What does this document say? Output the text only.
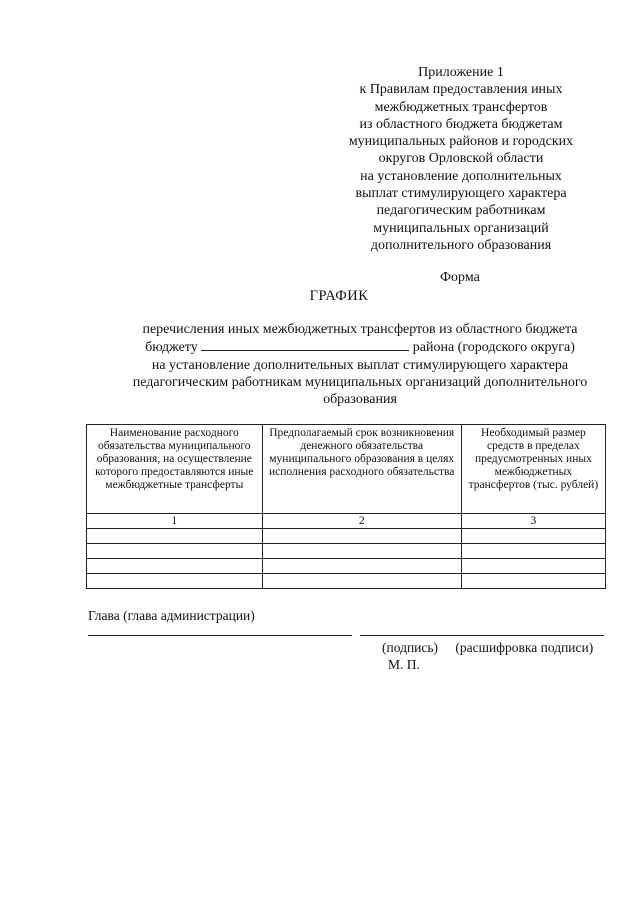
Приложение 1
к Правилам предоставления иных
межбюджетных трансфертов
из областного бюджета бюджетам
муниципальных районов и городских
округов Орловской области
на установление дополнительных
выплат стимулирующего характера
педагогическим работникам
муниципальных организаций
дополнительного образования
Форма
ГРАФИК
перечисления иных межбюджетных трансфертов из областного бюджета
бюджету	района (городского округа)
на установление дополнительных выплат стимулирующего характера
педагогическим работникам муниципальных организаций дополнительного
образования
Наименование расходного обязательства муниципального образования, на осуществление которого предоставляются иные межбюджетные трансферты	Предполагаемый срок возникновения денежного обязательства муниципального образования в целях исполнения расходного обязательства	Необходимый размер средств в пределах предусмотренных иных межбюджетных трансфертов (тыс. рублей)
1	2	3

Глава (глава администрации)
(подпись) (расшифровка подписи)
М. П.
